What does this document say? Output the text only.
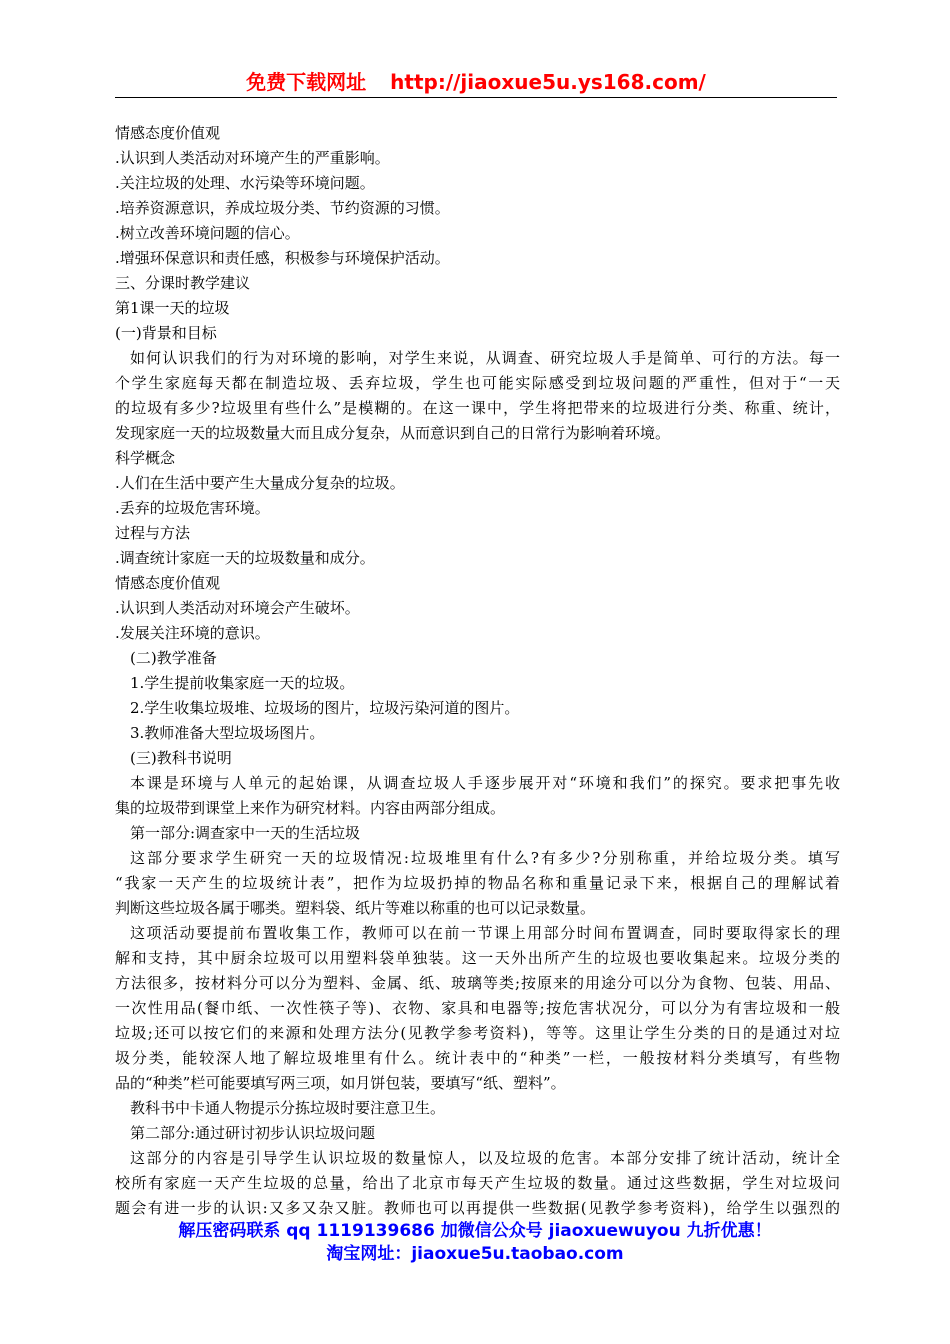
免费下载网址 http://jiaoxue5u.ys168.com/
情感态度价值观
.认识到人类活动对环境产生的严重影响。
.关注垃圾的处理、水污染等环境问题。
.培养资源意识，养成垃圾分类、节约资源的习惯。
.树立改善环境问题的信心。
.增强环保意识和责任感，积极参与环境保护活动。
三、分课时教学建议
第1课一天的垃圾
(一)背景和目标
如何认识我们的行为对环境的影响，对学生来说，从调查、研究垃圾人手是简单、可行的方法。每一
个学生家庭每天都在制造垃圾、丢弃垃圾，学生也可能实际感受到垃圾问题的严重性，但对于“一天
的垃圾有多少?垃圾里有些什么”是模糊的。在这一课中，学生将把带来的垃圾进行分类、称重、统计，
发现家庭一天的垃圾数量大而且成分复杂，从而意识到自己的日常行为影响着环境。
科学概念
.人们在生活中要产生大量成分复杂的垃圾。
.丢弃的垃圾危害环境。
过程与方法
.调查统计家庭一天的垃圾数量和成分。
情感态度价值观
.认识到人类活动对环境会产生破坏。
.发展关注环境的意识。
(二)教学准备
1.学生提前收集家庭一天的垃圾。
2.学生收集垃圾堆、垃圾场的图片，垃圾污染河道的图片。
3.教师准备大型垃圾场图片。
(三)教科书说明
本课是环境与人单元的起始课，从调查垃圾人手逐步展开对“环境和我们”的探究。要求把事先收
集的垃圾带到课堂上来作为研究材料。内容由两部分组成。
第一部分:调查家中一天的生活垃圾
这部分要求学生研究一天的垃圾情况:垃圾堆里有什么?有多少?分别称重，并给垃圾分类。填写
“我家一天产生的垃圾统计表”，把作为垃圾扔掉的物品名称和重量记录下来，根据自己的理解试着
判断这些垃圾各属于哪类。塑料袋、纸片等难以称重的也可以记录数量。
这项活动要提前布置收集工作，教师可以在前一节课上用部分时间布置调查，同时要取得家长的理
解和支持，其中厨余垃圾可以用塑料袋单独装。这一天外出所产生的垃圾也要收集起来。垃圾分类的
方法很多，按材料分可以分为塑料、金属、纸、玻璃等类;按原来的用途分可以分为食物、包装、用品、
一次性用品(餐巾纸、一次性筷子等)、衣物、家具和电器等;按危害状况分，可以分为有害垃圾和一般
垃圾;还可以按它们的来源和处理方法分(见教学参考资料)，等等。这里让学生分类的日的是通过对垃
圾分类，能较深人地了解垃圾堆里有什么。统计表中的“种类”一栏，一般按材料分类填写，有些物
品的“种类”栏可能要填写两三项，如月饼包装，要填写“纸、塑料”。
教科书中卡通人物提示分拣垃圾时要注意卫生。
第二部分:通过研讨初步认识垃圾问题
这部分的内容是引导学生认识垃圾的数量惊人，以及垃圾的危害。本部分安排了统计活动，统计全
校所有家庭一天产生垃圾的总量，给出了北京市每天产生垃圾的数量。通过这些数据，学生对垃圾问
题会有进一步的认识:又多又杂又脏。教师也可以再提供一些数据(见教学参考资料)，给学生以强烈的
解压密码联系 qq 1119139686 加微信公众号 jiaoxuewuyou 九折优惠！
淘宝网址：jiaoxue5u.taobao.com
